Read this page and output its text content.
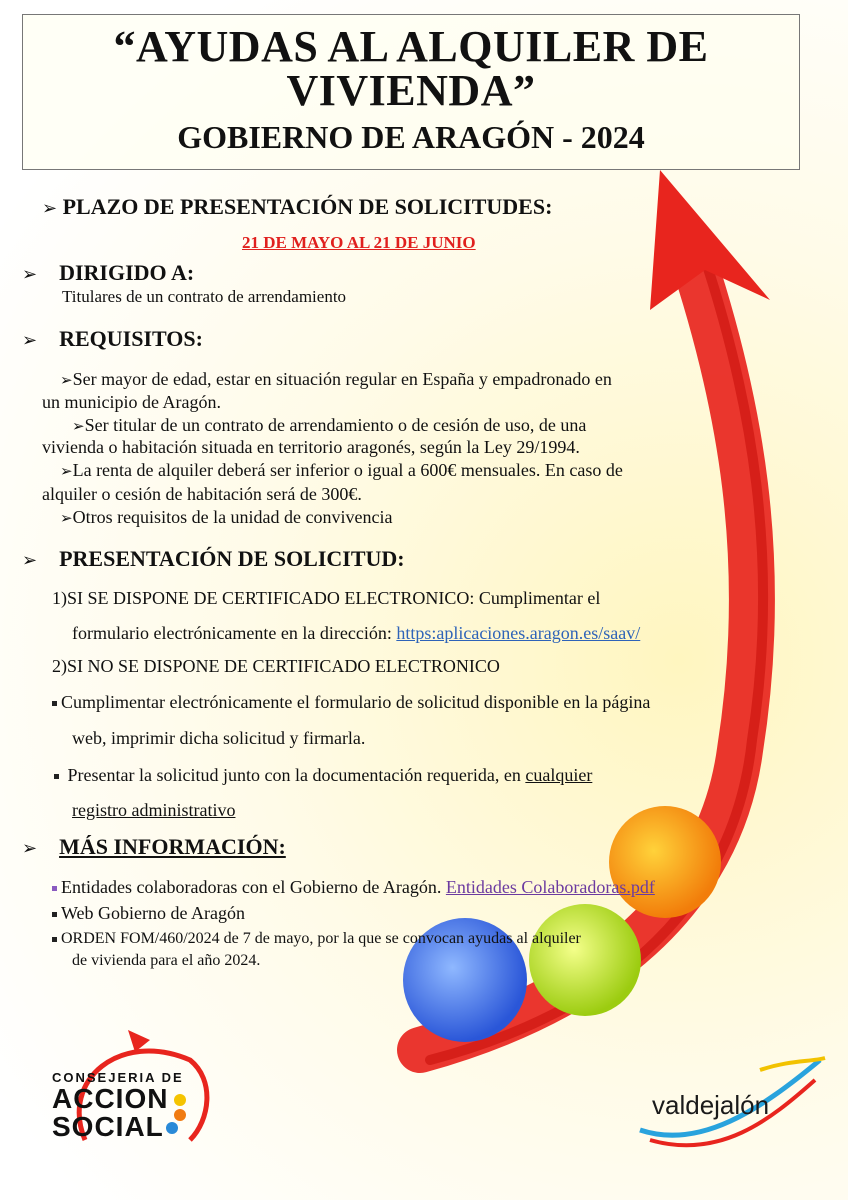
“AYUDAS AL ALQUILER DE
VIVIENDA”
GOBIERNO DE ARAGÓN - 2024
➢ PLAZO DE PRESENTACIÓN DE SOLICITUDES:
21 DE MAYO AL 21 DE JUNIO
➢ DIRIGIDO A:
Titulares de un contrato de arrendamiento
➢ REQUISITOS:
➢Ser mayor de edad, estar en situación regular en España y empadronado en
un municipio de Aragón.
➢Ser titular de un contrato de arrendamiento o de cesión de uso, de una
vivienda o habitación situada en territorio aragonés, según la Ley 29/1994.
➢La renta de alquiler deberá ser inferior o igual a 600€ mensuales. En caso de
alquiler o cesión de habitación será de 300€.
➢Otros requisitos de la unidad de convivencia
➢ PRESENTACIÓN DE SOLICITUD:
1)SI SE DISPONE DE CERTIFICADO ELECTRONICO: Cumplimentar el
formulario electrónicamente en la dirección: https:aplicaciones.aragon.es/saav/
2)SI NO SE DISPONE DE CERTIFICADO ELECTRONICO
Cumplimentar electrónicamente el formulario de solicitud disponible en la página
web, imprimir dicha solicitud y firmarla.
Presentar la solicitud junto con la documentación requerida, en cualquier
registro administrativo
➢ MÁS INFORMACIÓN:
Entidades colaboradoras con el Gobierno de Aragón. Entidades Colaboradoras.pdf
Web Gobierno de Aragón
ORDEN FOM/460/2024 de 7 de mayo, por la que se convocan ayudas al alquiler
de vivienda para el año 2024.
CONSEJERIA DE
ACCION
SOCIAL
valdejalón
